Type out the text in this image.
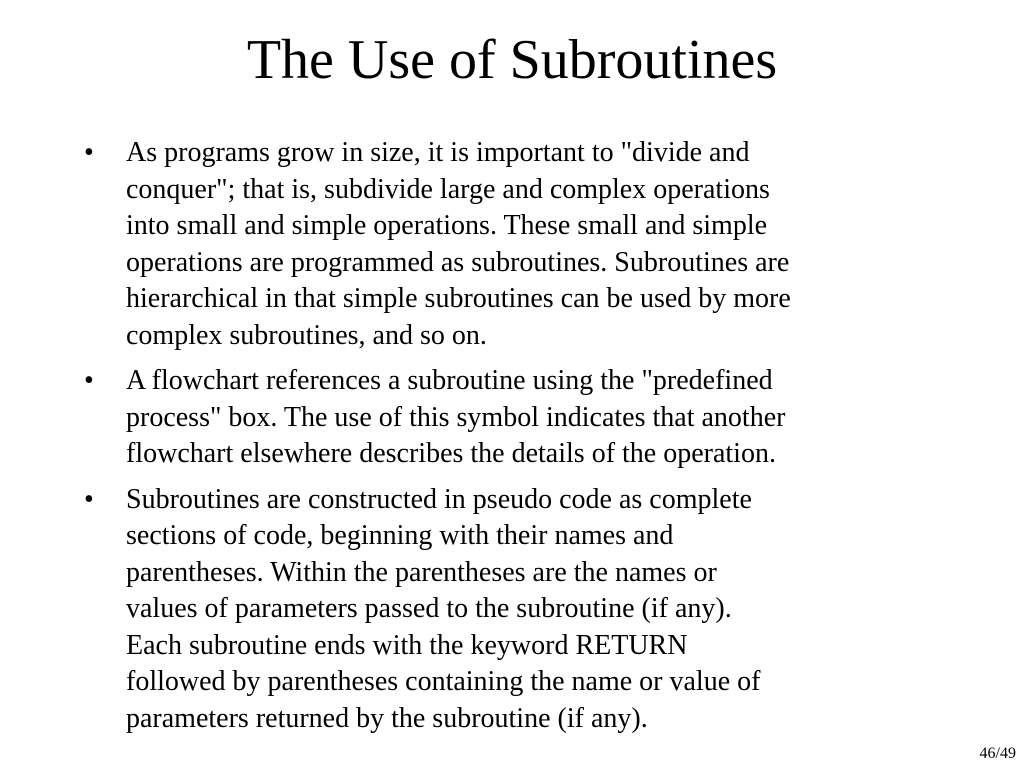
The Use of Subroutines
•	As programs grow in size, it is important to "divide and
conquer"; that is, subdivide large and complex operations
into small and simple operations. These small and simple
operations are programmed as subroutines. Subroutines are
hierarchical in that simple subroutines can be used by more
complex subroutines, and so on.
•	A flowchart references a subroutine using the "predefined
process" box. The use of this symbol indicates that another
flowchart elsewhere describes the details of the operation.
•	Subroutines are constructed in pseudo code as complete
sections of code, beginning with their names and
parentheses. Within the parentheses are the names or
values of parameters passed to the subroutine (if any).
Each subroutine ends with the keyword RETURN
followed by parentheses containing the name or value of
parameters returned by the subroutine (if any).
46/49
